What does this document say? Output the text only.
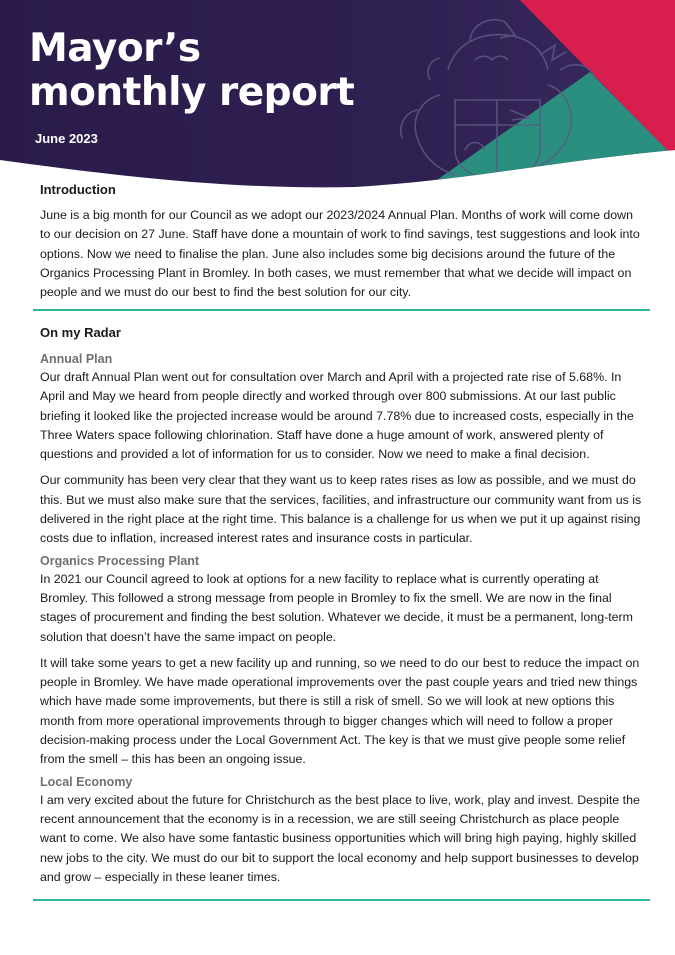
Mayor’s
monthly report
June 2023
Introduction

June is a big month for our Council as we adopt our 2023/2024 Annual Plan. Months of work will come down to our decision on 27 June. Staff have done a mountain of work to find savings, test suggestions and look into options. Now we need to finalise the plan. June also includes some big decisions around the future of the Organics Processing Plant in Bromley. In both cases, we must remember that what we decide will impact on people and we must do our best to find the best solution for our city.

On my Radar
Annual Plan

Our draft Annual Plan went out for consultation over March and April with a projected rate rise of 5.68%. In April and May we heard from people directly and worked through over 800 submissions. At our last public briefing it looked like the projected increase would be around 7.78% due to increased costs, especially in the Three Waters space following chlorination. Staff have done a huge amount of work, answered plenty of questions and provided a lot of information for us to consider. Now we need to make a final decision.

Our community has been very clear that they want us to keep rates rises as low as possible, and we must do this. But we must also make sure that the services, facilities, and infrastructure our community want from us is delivered in the right place at the right time. This balance is a challenge for us when we put it up against rising costs due to inflation, increased interest rates and insurance costs in particular.

Organics Processing Plant

In 2021 our Council agreed to look at options for a new facility to replace what is currently operating at Bromley. This followed a strong message from people in Bromley to fix the smell. We are now in the final stages of procurement and finding the best solution. Whatever we decide, it must be a permanent, long-term solution that doesn’t have the same impact on people.

It will take some years to get a new facility up and running, so we need to do our best to reduce the impact on people in Bromley. We have made operational improvements over the past couple years and tried new things which have made some improvements, but there is still a risk of smell. So we will look at new options this month from more operational improvements through to bigger changes which will need to follow a proper decision-making process under the Local Government Act. The key is that we must give people some relief from the smell – this has been an ongoing issue.

Local Economy

I am very excited about the future for Christchurch as the best place to live, work, play and invest. Despite the recent announcement that the economy is in a recession, we are still seeing Christchurch as place people want to come. We also have some fantastic business opportunities which will bring high paying, highly skilled new jobs to the city. We must do our bit to support the local economy and help support businesses to develop and grow – especially in these leaner times.
